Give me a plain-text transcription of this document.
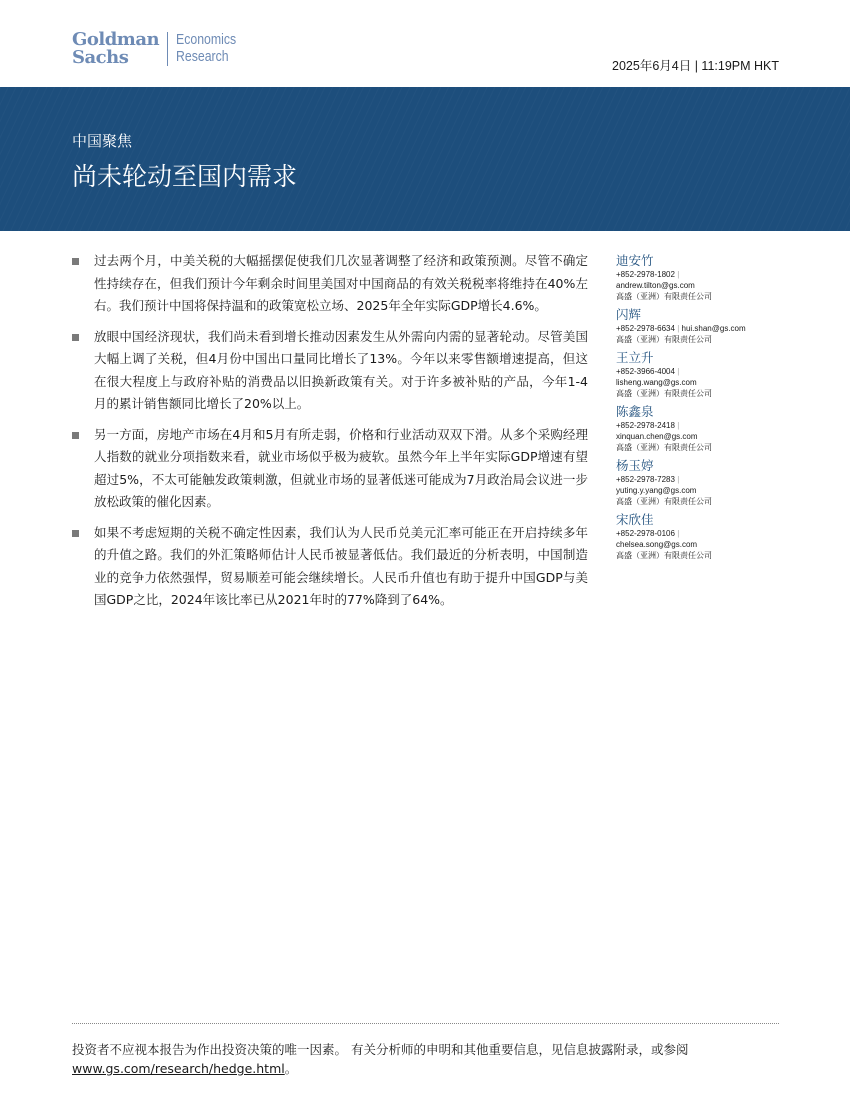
Goldman
Sachs
Economics
Research
2025年6月4日 | 11:19PM HKT
中国聚焦
尚未轮动至国内需求
过去两个月，中美关税的大幅摇摆促使我们几次显著调整了经济和政策预测。尽管不确定性持续存在，但我们预计今年剩余时间里美国对中国商品的有效关税税率将维持在40%左右。我们预计中国将保持温和的政策宽松立场、2025年全年实际GDP增长4.6%。
放眼中国经济现状，我们尚未看到增长推动因素发生从外需向内需的显著轮动。尽管美国大幅上调了关税，但4月份中国出口量同比增长了13%。今年以来零售额增速提高，但这在很大程度上与政府补贴的消费品以旧换新政策有关。对于许多被补贴的产品，今年1-4月的累计销售额同比增长了20%以上。
另一方面，房地产市场在4月和5月有所走弱，价格和行业活动双双下滑。从多个采购经理人指数的就业分项指数来看，就业市场似乎极为疲软。虽然今年上半年实际GDP增速有望超过5%，不太可能触发政策刺激，但就业市场的显著低迷可能成为7月政治局会议进一步放松政策的催化因素。
如果不考虑短期的关税不确定性因素，我们认为人民币兑美元汇率可能正在开启持续多年的升值之路。我们的外汇策略师估计人民币被显著低估。我们最近的分析表明，中国制造业的竞争力依然强悍，贸易顺差可能会继续增长。人民币升值也有助于提升中国GDP与美国GDP之比，2024年该比率已从2021年时的77%降到了64%。
迪安竹
+852-2978-1802 |
andrew.tilton@gs.com
高盛（亚洲）有限责任公司
闪辉
+852-2978-6634 | hui.shan@gs.com
高盛（亚洲）有限责任公司
王立升
+852-3966-4004 |
lisheng.wang@gs.com
高盛（亚洲）有限责任公司
陈鑫泉
+852-2978-2418 |
xinquan.chen@gs.com
高盛（亚洲）有限责任公司
杨玉婷
+852-2978-7283 |
yuting.y.yang@gs.com
高盛（亚洲）有限责任公司
宋欣佳
+852-2978-0106 |
chelsea.song@gs.com
高盛（亚洲）有限责任公司
投资者不应视本报告为作出投资决策的唯一因素。 有关分析师的申明和其他重要信息，见信息披露附录，或参阅www.gs.com/research/hedge.html。
